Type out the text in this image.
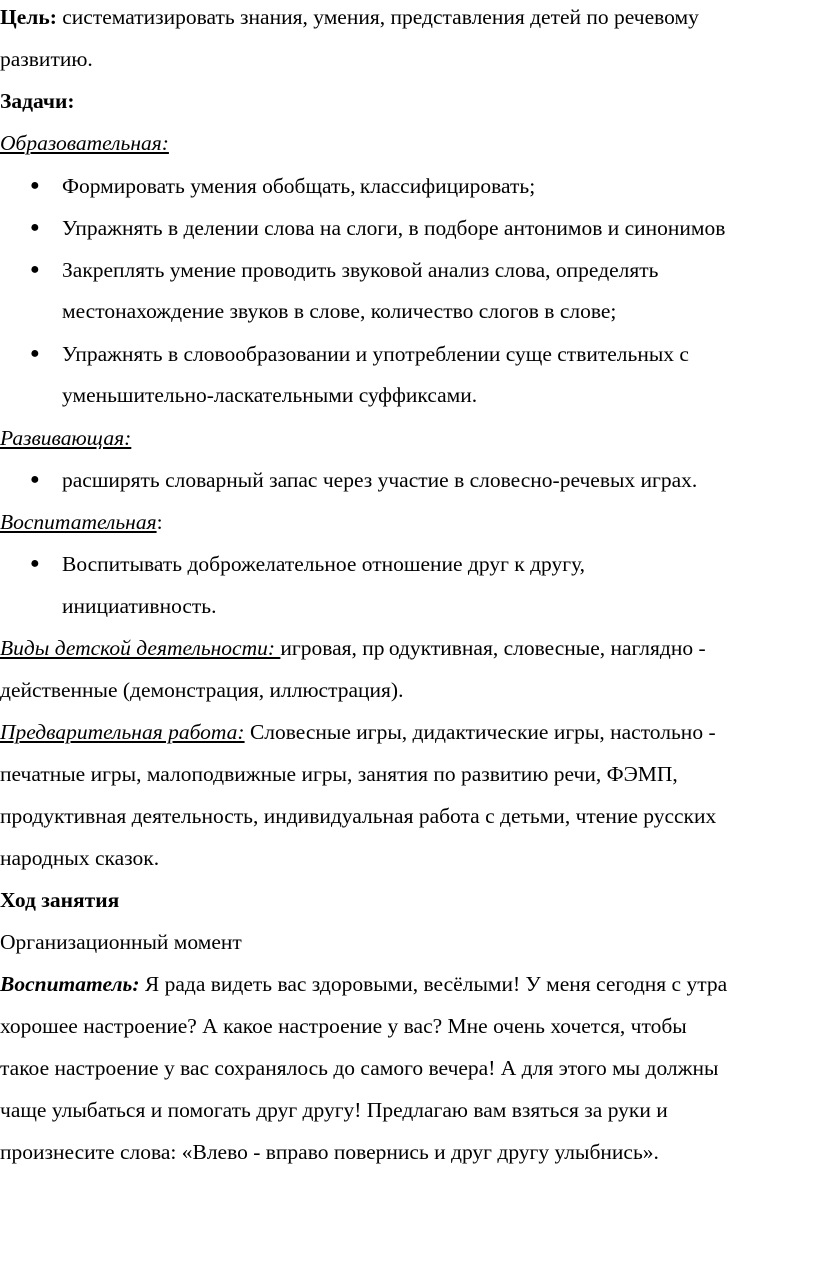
Цель: систематизировать знания, умения, представления детей по речевому
развитию.
Задачи:
Образовательная:
● Формировать умения обобщать, классифицировать;
● Упражнять в делении слова на слоги, в подборе антонимов и синонимов
● Закреплять умение проводить звуковой анализ слова, определять
местонахождение звуков в слове, количество слогов в слове;
● Упражнять в словообразовании и употреблении суще ствительных с
уменьшительно-ласкательными суффиксами.
Развивающая:
● расширять словарный запас через участие в словесно-речевых играх.
Воспитательная:
● Воспитывать доброжелательное отношение друг к другу,
инициативность.
Виды детской деятельности: игровая, пр одуктивная, словесные, наглядно -
действенные (демонстрация, иллюстрация).
Предварительная работа: Словесные игры, дидактические игры, настольно -
печатные игры, малоподвижные игры, занятия по развитию речи, ФЭМП,
продуктивная деятельность, индивидуальная работа с детьми, чтение русских
народных сказок.
Ход занятия
Организационный момент
Воспитатель: Я рада видеть вас здоровыми, весёлыми! У меня сегодня с утра
хорошее настроение? А какое настроение у вас? Мне очень хочется, чтобы
такое настроение у вас сохранялось до самого вечера! А для этого мы должны
чаще улыбаться и помогать друг другу! Предлагаю вам взяться за руки и
произнесите слова: «Влево - вправо повернись и друг другу улыбнись».
